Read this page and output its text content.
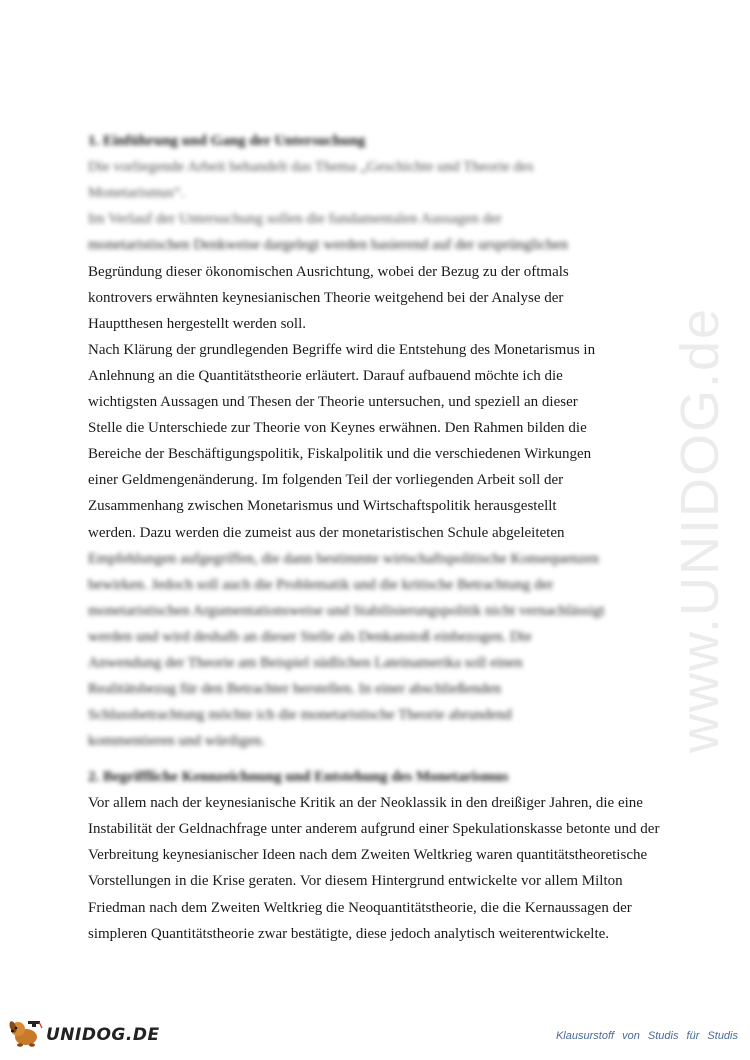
www.UNIDOG.de
1. Einführung und Gang der Untersuchung
Die vorliegende Arbeit behandelt das Thema „Geschichte und Theorie des
Monetarismus“.
Im Verlauf der Untersuchung sollen die fundamentalen Aussagen der
monetaristischen Denkweise dargelegt werden basierend auf der ursprünglichen
Begründung dieser ökonomischen Ausrichtung, wobei der Bezug zu der oftmals
kontrovers erwähnten keynesianischen Theorie weitgehend bei der Analyse der
Hauptthesen hergestellt werden soll.
Nach Klärung der grundlegenden Begriffe wird die Entstehung des Monetarismus in
Anlehnung an die Quantitätstheorie erläutert. Darauf aufbauend möchte ich die
wichtigsten Aussagen und Thesen der Theorie untersuchen, und speziell an dieser
Stelle die Unterschiede zur Theorie von Keynes erwähnen. Den Rahmen bilden die
Bereiche der Beschäftigungspolitik, Fiskalpolitik und die verschiedenen Wirkungen
einer Geldmengenänderung. Im folgenden Teil der vorliegenden Arbeit soll der
Zusammenhang zwischen Monetarismus und Wirtschaftspolitik herausgestellt
werden. Dazu werden die zumeist aus der monetaristischen Schule abgeleiteten
Empfehlungen aufgegriffen, die dann bestimmte wirtschaftspolitische Konsequenzen
bewirken. Jedoch soll auch die Problematik und die kritische Betrachtung der
monetaristischen Argumentationsweise und Stabilisierungspolitik nicht vernachlässigt
werden und wird deshalb an dieser Stelle als Denkanstoß einbezogen. Die
Anwendung der Theorie am Beispiel südlichen Lateinamerika soll einen
Realitätsbezug für den Betrachter herstellen. In einer abschließenden
Schlussbetrachtung möchte ich die monetaristische Theorie abrundend
kommentieren und würdigen.
2. Begriffliche Kennzeichnung und Entstehung des Monetarismus
Vor allem nach der keynesianische Kritik an der Neoklassik in den dreißiger Jahren, die eine
Instabilität der Geldnachfrage unter anderem aufgrund einer Spekulationskasse betonte und der
Verbreitung keynesianischer Ideen nach dem Zweiten Weltkrieg waren quantitätstheoretische
Vorstellungen in die Krise geraten. Vor diesem Hintergrund entwickelte vor allem Milton
Friedman nach dem Zweiten Weltkrieg die Neoquantitätstheorie, die die Kernaussagen der
simpleren Quantitätstheorie zwar bestätigte, diese jedoch analytisch weiterentwickelte.
UNIDOG.DE	Klausurstoff von Studis für Studis
